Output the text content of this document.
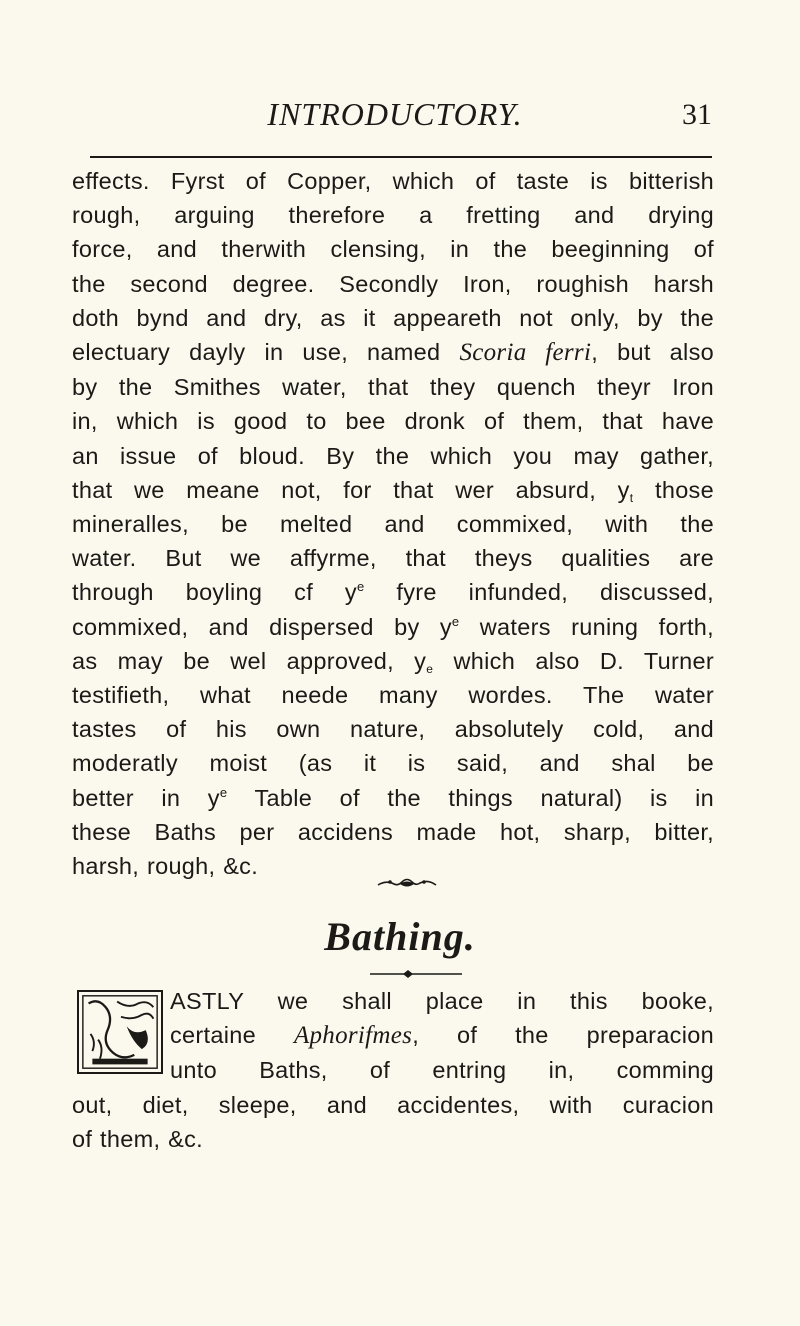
INTRODUCTORY.	31
effects. Fyrst of Copper, which of taste is bitterish
rough, arguing therefore a fretting and drying
force, and therwith clensing, in the beeginning of
the second degree. Secondly Iron, roughish harsh
doth bynd and dry, as it appeareth not only, by the
electuary dayly in use, named Scoria ferri, but also
by the Smithes water, that they quench theyr Iron
in, which is good to bee dronk of them, that have
an issue of bloud. By the which you may gather,
that we meane not, for that wer absurd, $y_t$ those
mineralles, be melted and commixed, with the
water. But we affyrme, that theys qualities are
through boyling cf $y^e$ fyre infunded, discussed,
commixed, and dispersed by $y^e$ waters runing forth,
as may be wel approved, $y_e$ which also D. Turner
testifieth, what neede many wordes. The water
tastes of his own nature, absolutely cold, and
moderatly moist (as it is said, and shal be
better in $y^e$ Table of the things natural) is in
these Baths per accidens made hot, sharp, bitter,
harsh, rough, &c.
Bathing.
ASTLY we shall place in this booke,
certaine Aphorifmes, of the preparacion
unto Baths, of entring in, comming
out, diet, sleepe, and accidentes, with curacion
of them, &c.
